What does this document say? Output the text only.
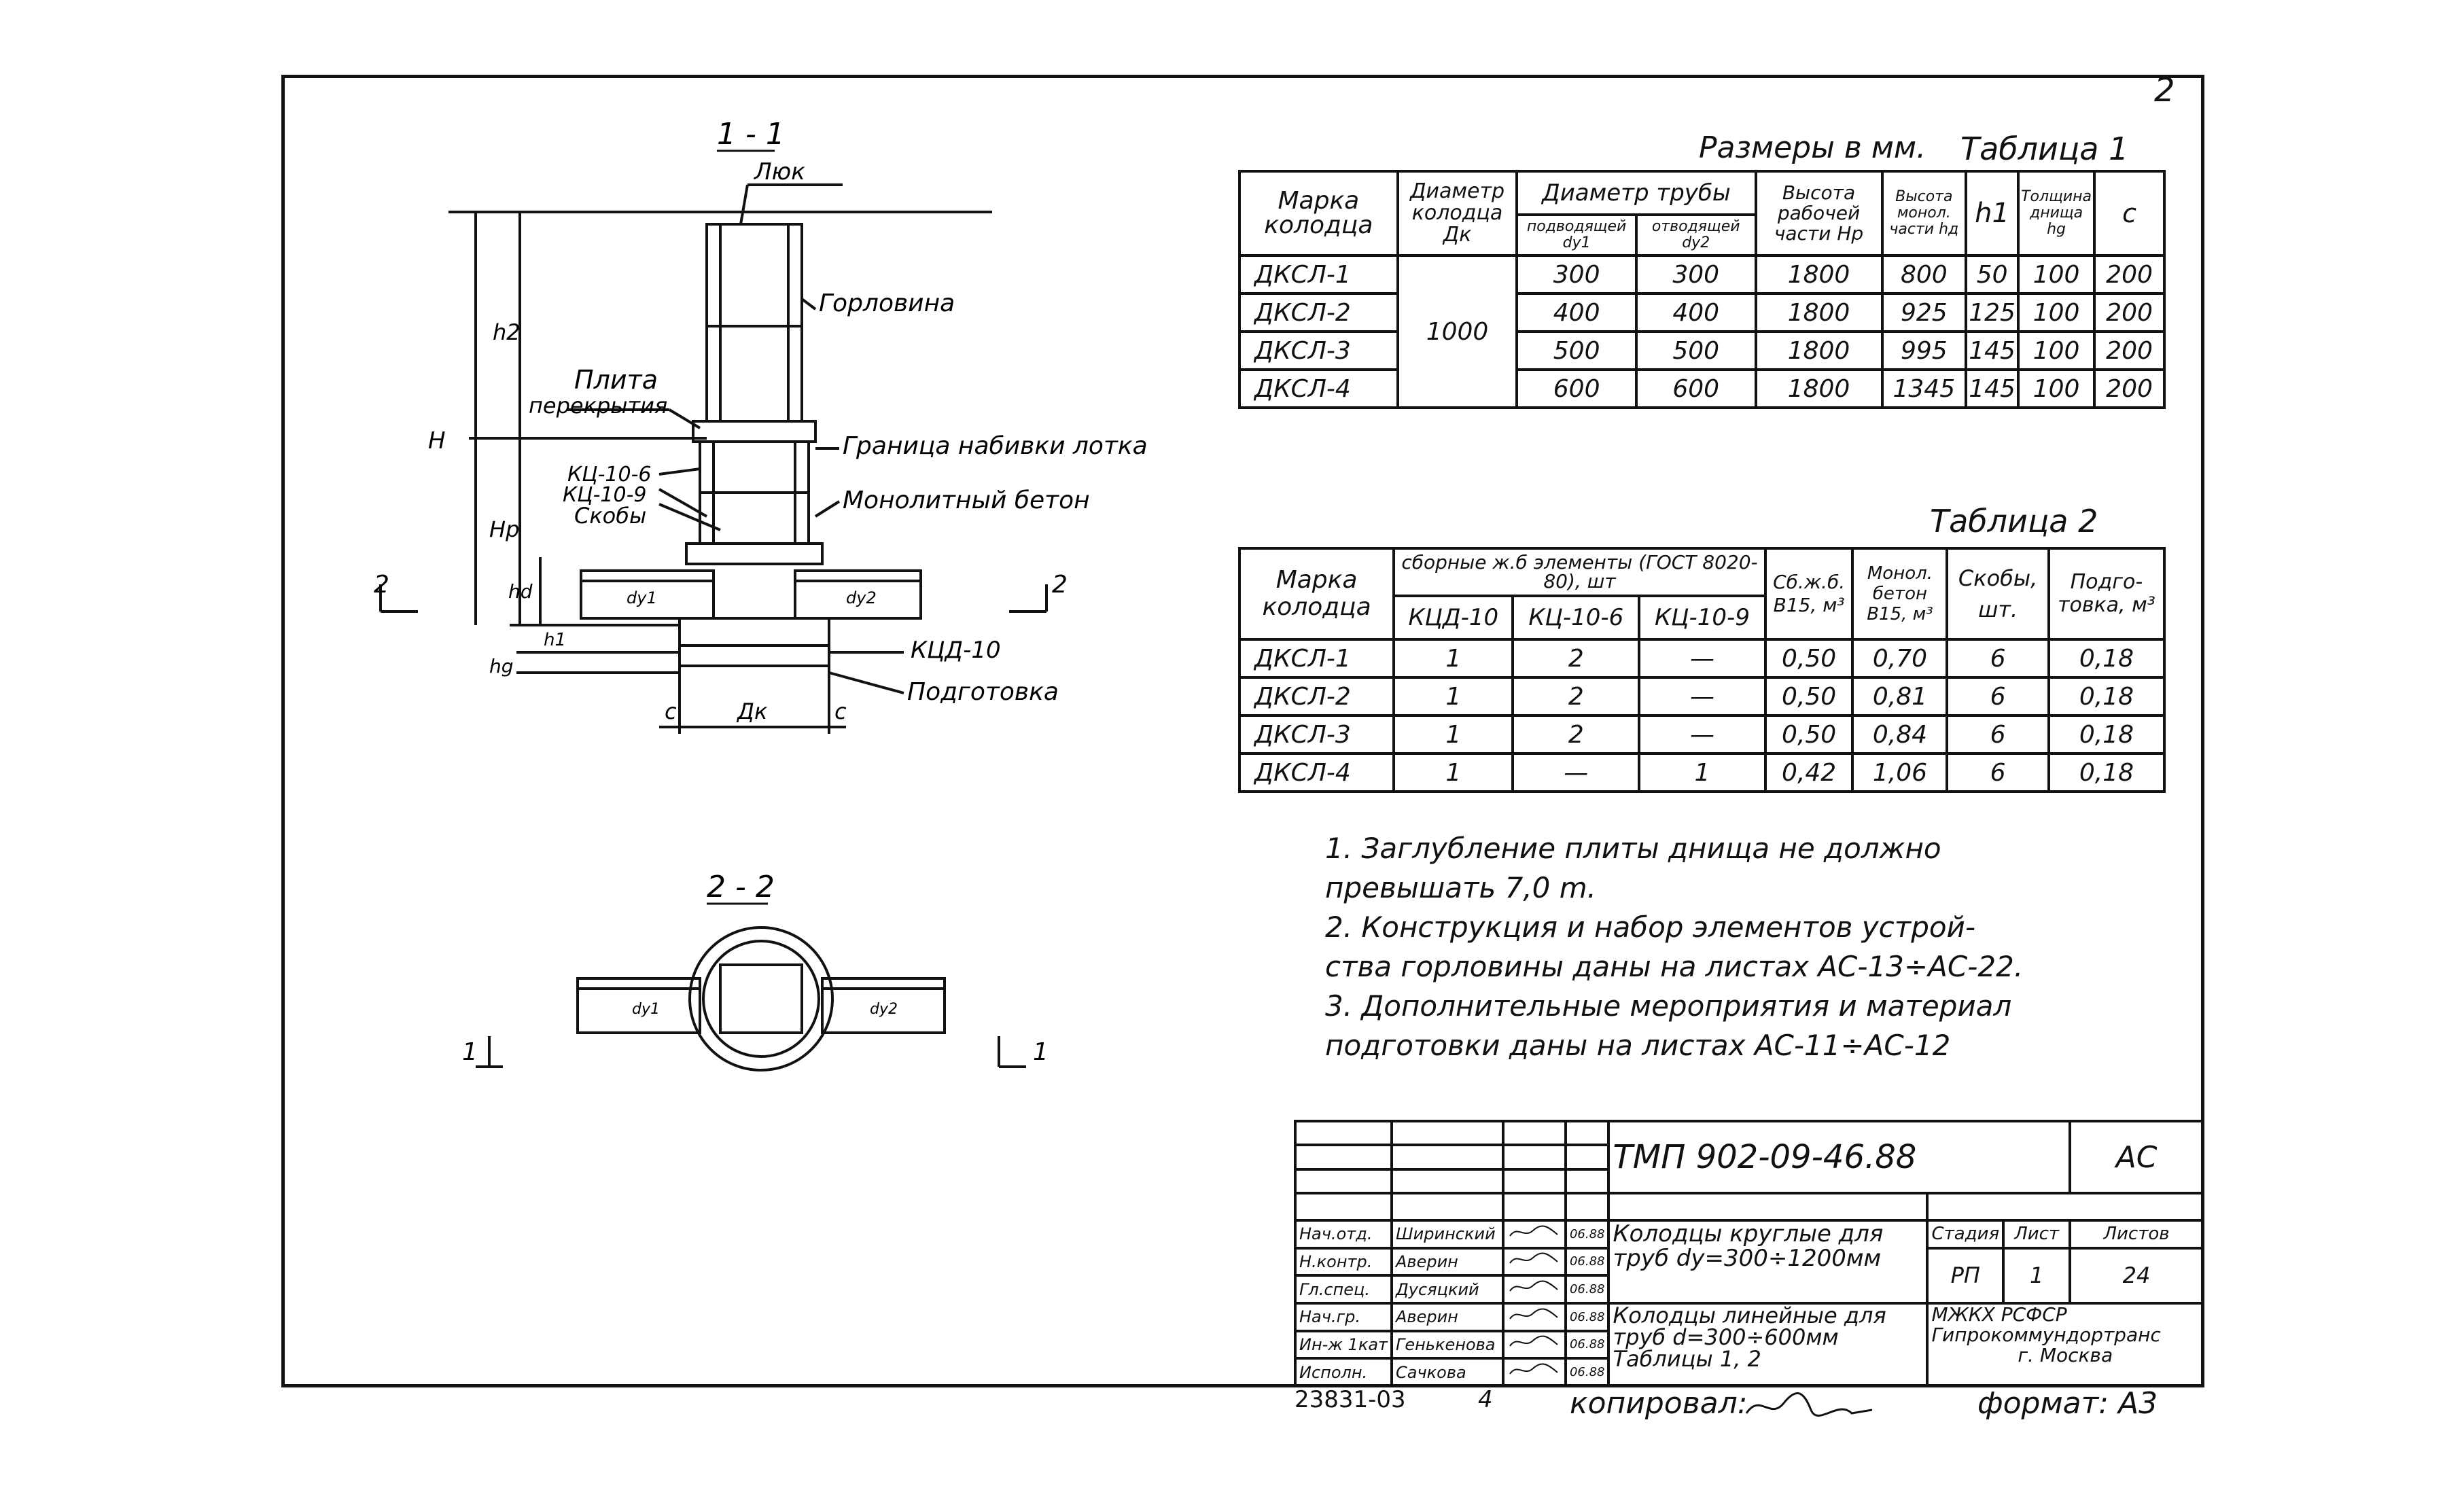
2
1 - 1
Люк
Горловина
Плита
перекрытия
Граница набивки лотка
Монолитный бетон
КЦ-10-6
КЦ-10-9
Скобы
КЦД-10
Подготовка
h2
H
Hp
hd
h1
hg
c	Дк	c
dy1	dy2
2	2
2 - 2
1	1
dy1	dy2
Размеры в мм. Таблица 1
Марка колодца	Диаметр колодца Дк	Диаметр трубы		Высота рабочей части Hp	Высота монол. части hд	h1	Толщина днища hg	c
		подводящей dy1	отводящей dy2					
ДКСЛ-1	1000	300	300	1800	800	50	100	200
ДКСЛ-2		400	400	1800	925	125	100	200
ДКСЛ-3		500	500	1800	995	145	100	200
ДКСЛ-4		600	600	1800	1345	145	100	200
Таблица 2
Марка колодца	сборные ж.б элементы (ГОСТ 8020-80), шт			Сб.ж.б. В15, м³	Монол. бетон В15, м³	Скобы, шт.	Подго-товка, м³
	КЦД-10	КЦ-10-6	КЦ-10-9				
ДКСЛ-1	1	2	—	0,50	0,70	6	0,18
ДКСЛ-2	1	2	—	0,50	0,81	6	0,18
ДКСЛ-3	1	2	—	0,50	0,84	6	0,18
ДКСЛ-4	1	—	1	0,42	1,06	6	0,18
1. Заглубление плиты днища не должно
превышать 7,0 m.
2. Конструкция и набор элементов устрой-
ства горловины даны на листах АС-13÷АС-22.
3. Дополнительные мероприятия и материал
подготовки даны на листах АС-11÷АС-12
				ТМП 902-09-46.88			АС

Нач.отд.	Ширинский		06.88	Колодцы круглые для труб dy=300÷1200мм	Стадия	Лист	Листов
Н.контр.	Аверин		06.88		РП	1	24
Гл.спец.	Дусяцкий		06.88				
Нач.гр.	Аверин		06.88	Колодцы линейные для труб d=300÷600мм Таблицы 1, 2	МЖКХ РСФСР
Гипрокоммундортранс
г. Москва		

Ин-ж 1кат	Генькенова		06.88				
Исполн.	Сачкова		06.88				
23831-03	4	копировал:	формат: А3
